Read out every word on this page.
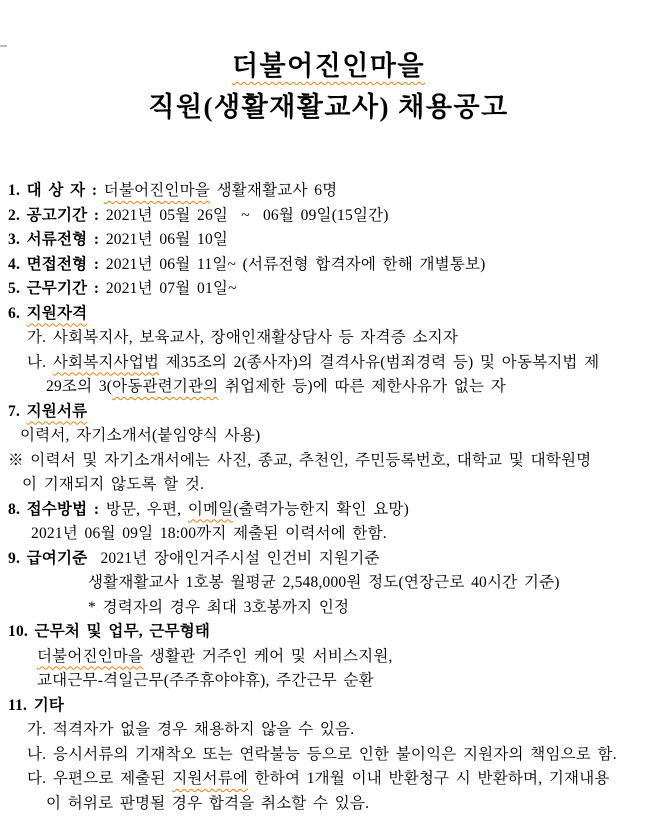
더불어진인마을
직원(생활재활교사) 채용공고
1. 대 상 자 : 더불어진인마을 생활재활교사 6명
2. 공고기간 : 2021년 05월 26일  ~  06월 09일(15일간)
3. 서류전형 : 2021년 06월 10일
4. 면접전형 : 2021년 06월 11일~ (서류전형 합격자에 한해 개별통보)
5. 근무기간 : 2021년 07월 01일~
6. 지원자격
가. 사회복지사, 보육교사, 장애인재활상담사 등 자격증 소지자
나. 사회복지사업법 제35조의 2(종사자)의 결격사유(범죄경력 등) 및 아동복지법 제
29조의 3(아동관련기관의 취업제한 등)에 따른 제한사유가 없는 자
7. 지원서류
이력서, 자기소개서(붙임양식 사용)
※ 이력서 및 자기소개서에는 사진, 종교, 추천인, 주민등록번호, 대학교 및 대학원명
이 기재되지 않도록 할 것.
8. 접수방법 : 방문, 우편, 이메일(출력가능한지 확인 요망)
2021년 06월 09일 18:00까지 제출된 이력서에 한함.
9. 급여기준  2021년 장애인거주시설 인건비 지원기준
생활재활교사 1호봉 월평균 2,548,000원 정도(연장근로 40시간 기준)
* 경력자의 경우 최대 3호봉까지 인정
10. 근무처 및 업무, 근무형태
더불어진인마을 생활관 거주인 케어 및 서비스지원,
교대근무-격일근무(주주휴야야휴), 주간근무 순환
11. 기타
가. 적격자가 없을 경우 채용하지 않을 수 있음.
나. 응시서류의 기재착오 또는 연락불능 등으로 인한 불이익은 지원자의 책임으로 함.
다. 우편으로 제출된 지원서류에 한하여 1개월 이내 반환청구 시 반환하며, 기재내용
이 허위로 판명될 경우 합격을 취소할 수 있음.
